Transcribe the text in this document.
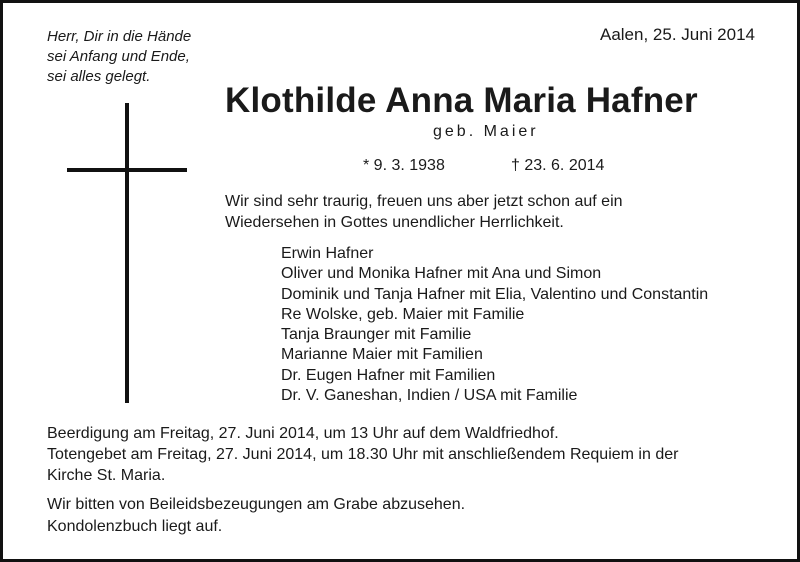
Herr, Dir in die Hände
sei Anfang und Ende,
sei alles gelegt.
Aalen, 25. Juni 2014
Klothilde Anna Maria Hafner
geb. Maier
* 9. 3. 1938	† 23. 6. 2014
Wir sind sehr traurig, freuen uns aber jetzt schon auf ein
Wiedersehen in Gottes unendlicher Herrlichkeit.
Erwin Hafner
Oliver und Monika Hafner mit Ana und Simon
Dominik und Tanja Hafner mit Elia, Valentino und Constantin
Re Wolske, geb. Maier mit Familie
Tanja Braunger mit Familie
Marianne Maier mit Familien
Dr. Eugen Hafner mit Familien
Dr. V. Ganeshan, Indien / USA mit Familie
Beerdigung am Freitag, 27. Juni 2014, um 13 Uhr auf dem Waldfriedhof.
Totengebet am Freitag, 27. Juni 2014, um 18.30 Uhr mit anschließendem Requiem in der
Kirche St. Maria.
Wir bitten von Beileidsbezeugungen am Grabe abzusehen.
Kondolenzbuch liegt auf.
